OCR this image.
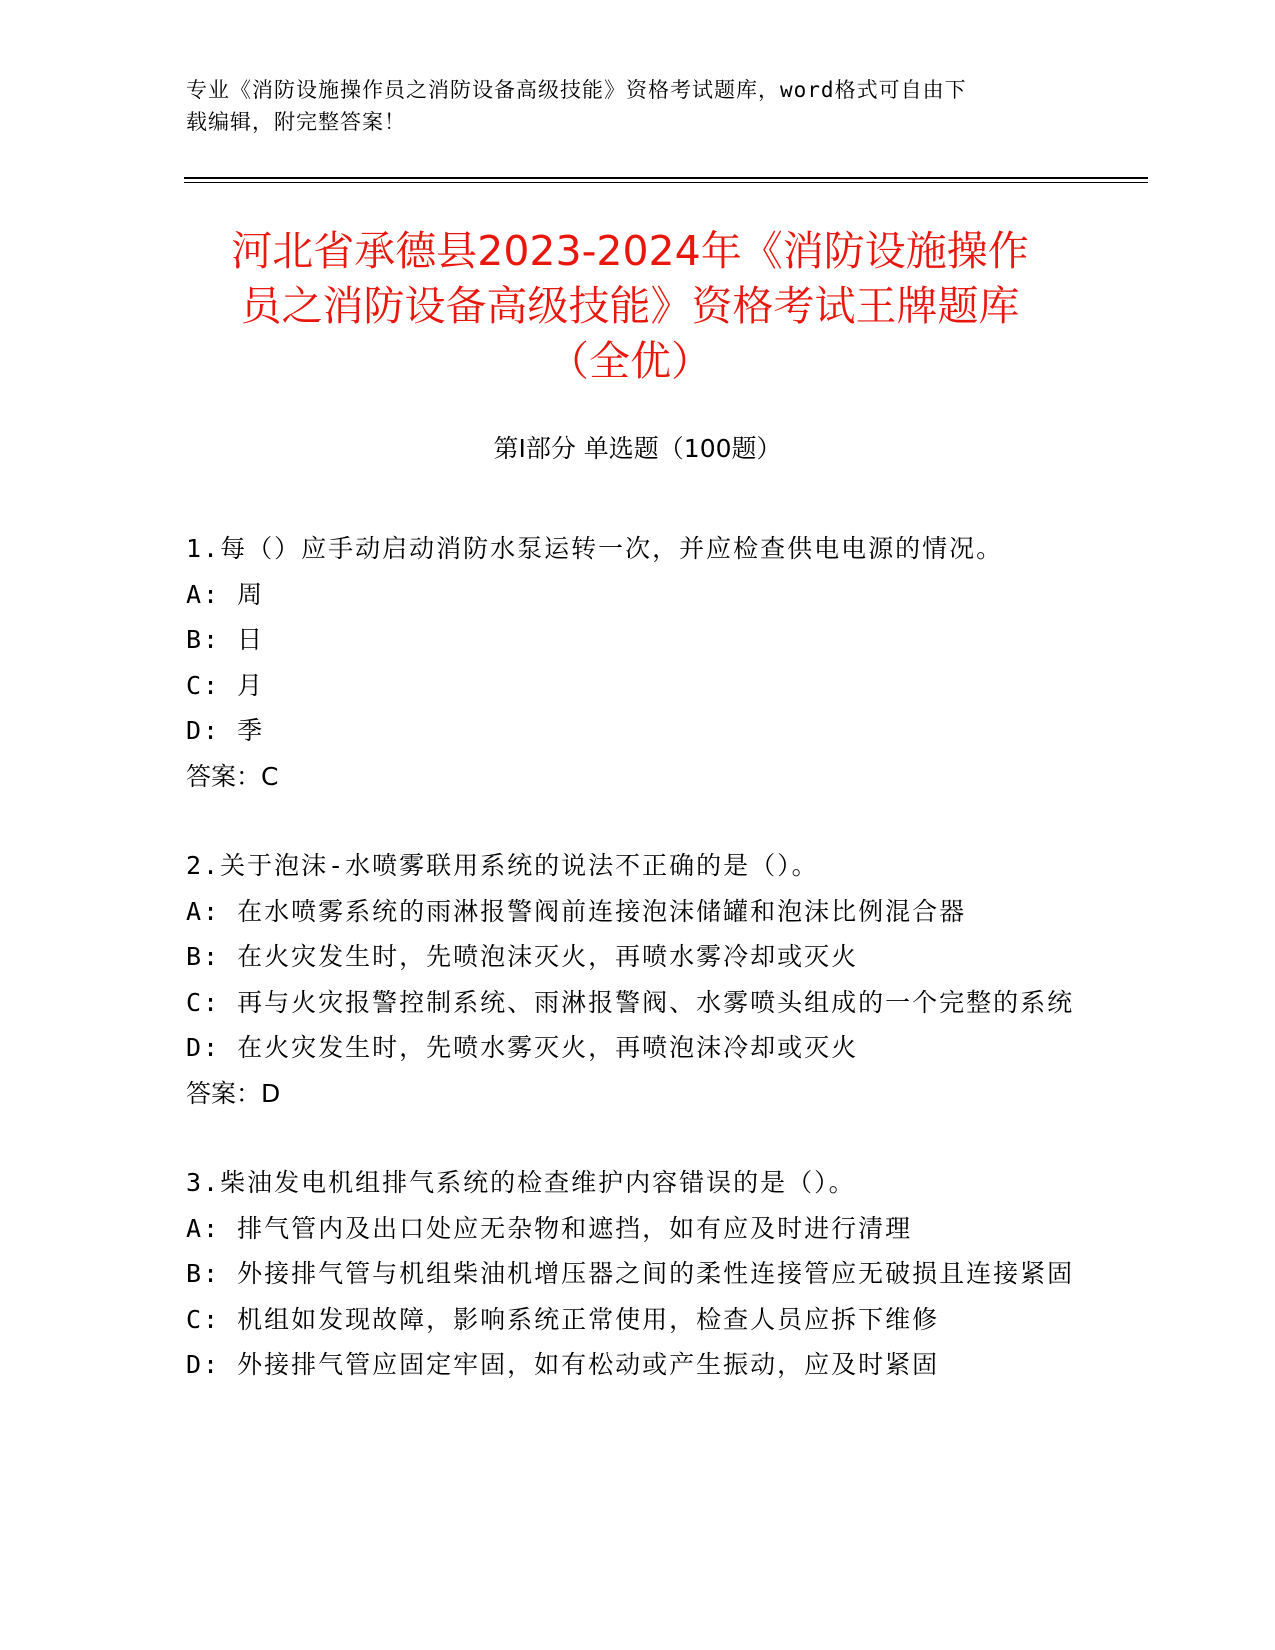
专业《消防设施操作员之消防设备高级技能》资格考试题库，word格式可自由下
载编辑，附完整答案！
河北省承德县2023-2024年《消防设施操作
员之消防设备高级技能》资格考试王牌题库
（全优）
第Ⅰ部分 单选题（100题）

1.每（）应手动启动消防水泵运转一次，并应检查供电电源的情况。

A: 周

B: 日

C: 月

D: 季

答案：C

2.关于泡沫-水喷雾联用系统的说法不正确的是（）。

A: 在水喷雾系统的雨淋报警阀前连接泡沫储罐和泡沫比例混合器

B: 在火灾发生时，先喷泡沫灭火，再喷水雾冷却或灭火

C: 再与火灾报警控制系统、雨淋报警阀、水雾喷头组成的一个完整的系统

D: 在火灾发生时，先喷水雾灭火，再喷泡沫冷却或灭火

答案：D

3.柴油发电机组排气系统的检查维护内容错误的是（）。

A: 排气管内及出口处应无杂物和遮挡，如有应及时进行清理

B: 外接排气管与机组柴油机增压器之间的柔性连接管应无破损且连接紧固

C: 机组如发现故障，影响系统正常使用，检查人员应拆下维修

D: 外接排气管应固定牢固，如有松动或产生振动，应及时紧固
